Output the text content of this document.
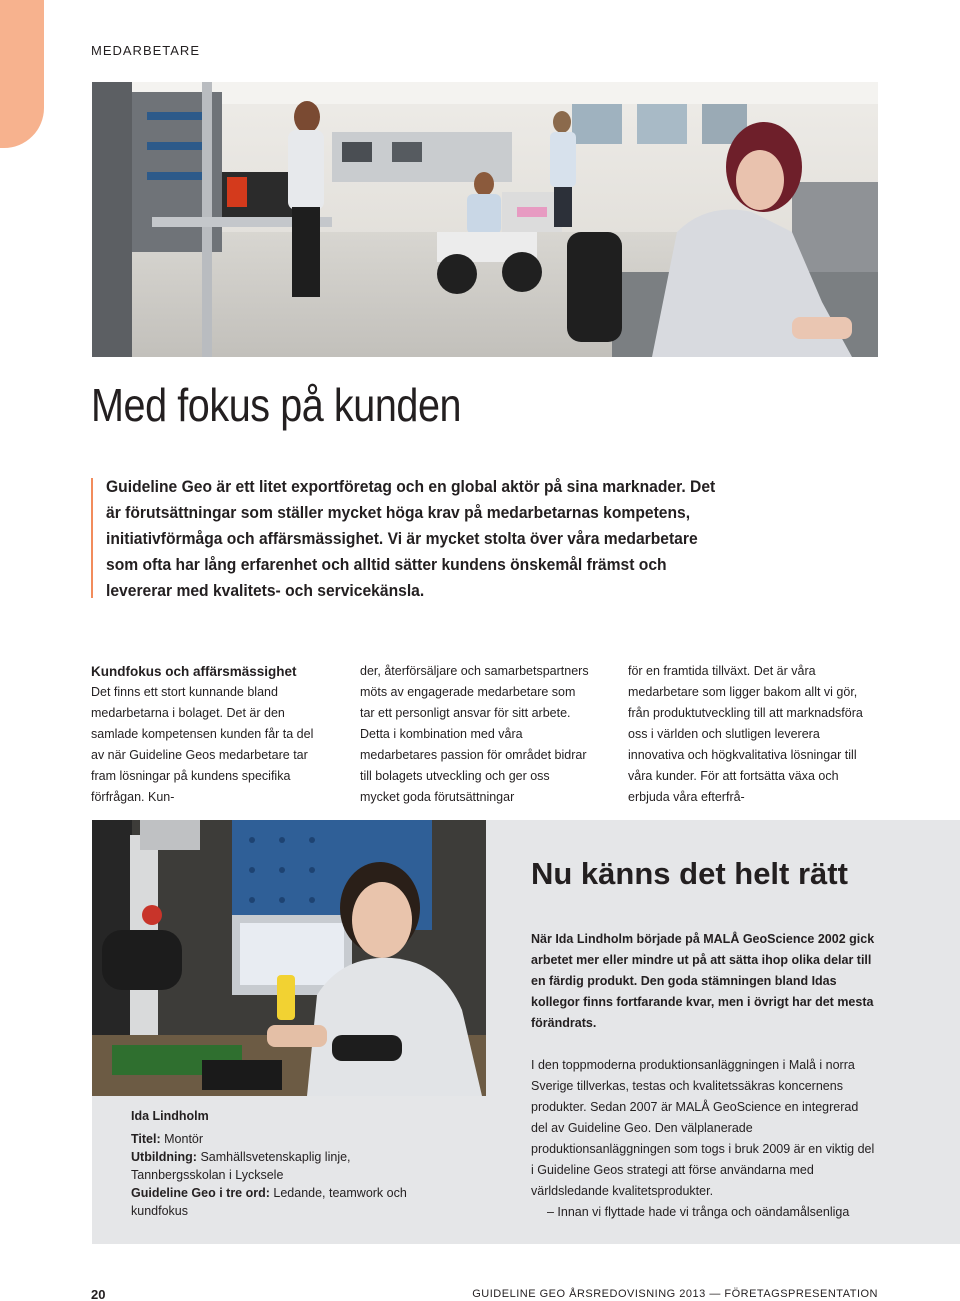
MEDARBETARE
Med fokus på kunden

Guideline Geo är ett litet exportföretag och en global aktör på sina marknader. Det är förutsättningar som ställer mycket höga krav på medarbetarnas kompetens, initiativförmåga och affärsmässighet. Vi är mycket stolta över våra medarbetare som ofta har lång erfarenhet och alltid sätter kundens önskemål främst och levererar med kvalitets- och servicekänsla.

Kundfokus och affärsmässighet
Det finns ett stort kunnande bland medarbetarna i bolaget. Det är den samlade kompetensen kunden får ta del av när Guideline Geos medarbetare tar fram lösningar på kundens specifika förfrågan. Kun-
der, återförsäljare och samarbetspartners möts av engagerade medarbetare som tar ett personligt ansvar för sitt arbete. Detta i kombination med våra medarbetares passion för området bidrar till bolagets utveckling och ger oss mycket goda förutsättningar
för en framtida tillväxt. Det är våra medarbetare som ligger bakom allt vi gör, från produktutveckling till att marknadsföra oss i världen och slutligen leverera innovativa och högkvalitativa lösningar till våra kunder. För att fortsätta växa och erbjuda våra efterfrå-
Ida Lindholm
Titel: Montör
Utbildning: Samhällsvetenskaplig linje, Tannbergsskolan i Lycksele
Guideline Geo i tre ord: Ledande, teamwork och kundfokus
Nu känns det helt rätt
När Ida Lindholm började på MALÅ GeoScience 2002 gick arbetet mer eller mindre ut på att sätta ihop olika delar till en färdig produkt. Den goda stämningen bland Idas kollegor finns fortfarande kvar, men i övrigt har det mesta förändrats.
I den toppmoderna produktionsanläggningen i Malå i norra Sverige tillverkas, testas och kvalitetssäkras koncernens produkter. Sedan 2007 är MALÅ GeoScience en integrerad del av Guideline Geo. Den välplanerade produktionsanläggningen som togs i bruk 2009 är en viktig del i Guideline Geos strategi att förse användarna med världsledande kvalitetsprodukter.
– Innan vi flyttade hade vi trånga och oändamålsenliga
20	GUIDELINE GEO ÅRSREDOVISNING 2013 — FÖRETAGSPRESENTATION
